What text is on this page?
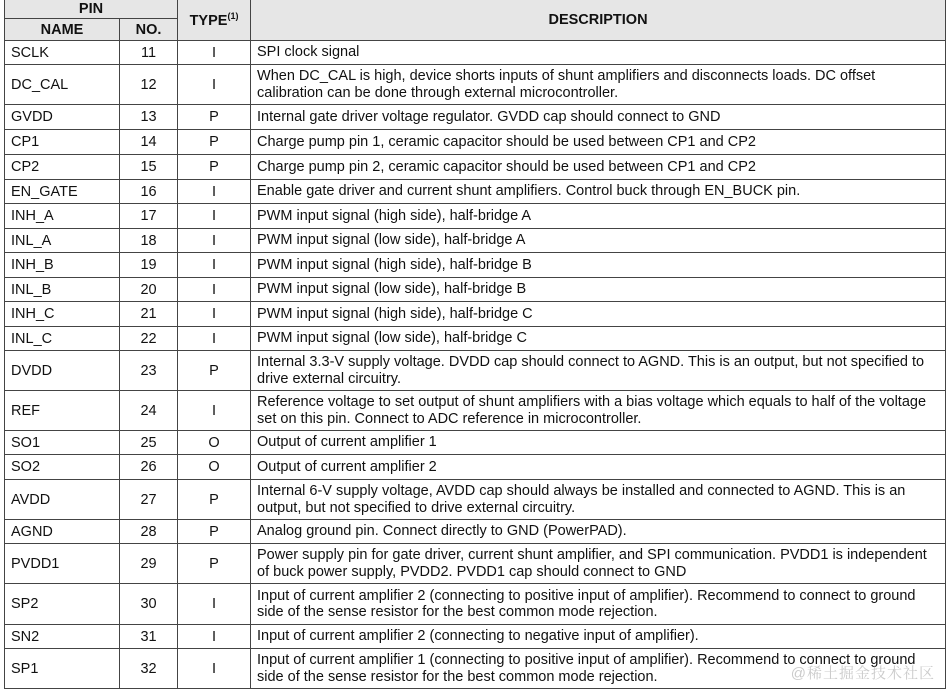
PIN		TYPE$^{(1)}$	DESCRIPTION
NAME	NO.		
SCLK	11	I	SPI clock signal
DC_CAL	12	I	When DC_CAL is high, device shorts inputs of shunt amplifiers and disconnects loads. DC offset calibration can be done through external microcontroller.
GVDD	13	P	Internal gate driver voltage regulator. GVDD cap should connect to GND
CP1	14	P	Charge pump pin 1, ceramic capacitor should be used between CP1 and CP2
CP2	15	P	Charge pump pin 2, ceramic capacitor should be used between CP1 and CP2
EN_GATE	16	I	Enable gate driver and current shunt amplifiers. Control buck through EN_BUCK pin.
INH_A	17	I	PWM input signal (high side), half-bridge A
INL_A	18	I	PWM input signal (low side), half-bridge A
INH_B	19	I	PWM input signal (high side), half-bridge B
INL_B	20	I	PWM input signal (low side), half-bridge B
INH_C	21	I	PWM input signal (high side), half-bridge C
INL_C	22	I	PWM input signal (low side), half-bridge C
DVDD	23	P	Internal 3.3-V supply voltage. DVDD cap should connect to AGND. This is an output, but not specified to drive external circuitry.
REF	24	I	Reference voltage to set output of shunt amplifiers with a bias voltage which equals to half of the voltage set on this pin. Connect to ADC reference in microcontroller.
SO1	25	O	Output of current amplifier 1
SO2	26	O	Output of current amplifier 2
AVDD	27	P	Internal 6-V supply voltage, AVDD cap should always be installed and connected to AGND. This is an output, but not specified to drive external circuitry.
AGND	28	P	Analog ground pin. Connect directly to GND (PowerPAD).
PVDD1	29	P	Power supply pin for gate driver, current shunt amplifier, and SPI communication. PVDD1 is independent of buck power supply, PVDD2. PVDD1 cap should connect to GND
SP2	30	I	Input of current amplifier 2 (connecting to positive input of amplifier). Recommend to connect to ground side of the sense resistor for the best common mode rejection.
SN2	31	I	Input of current amplifier 2 (connecting to negative input of amplifier).
SP1	32	I	Input of current amplifier 1 (connecting to positive input of amplifier). Recommend to connect to ground side of the sense resistor for the best common mode rejection.	@稀土掘金技术社区
